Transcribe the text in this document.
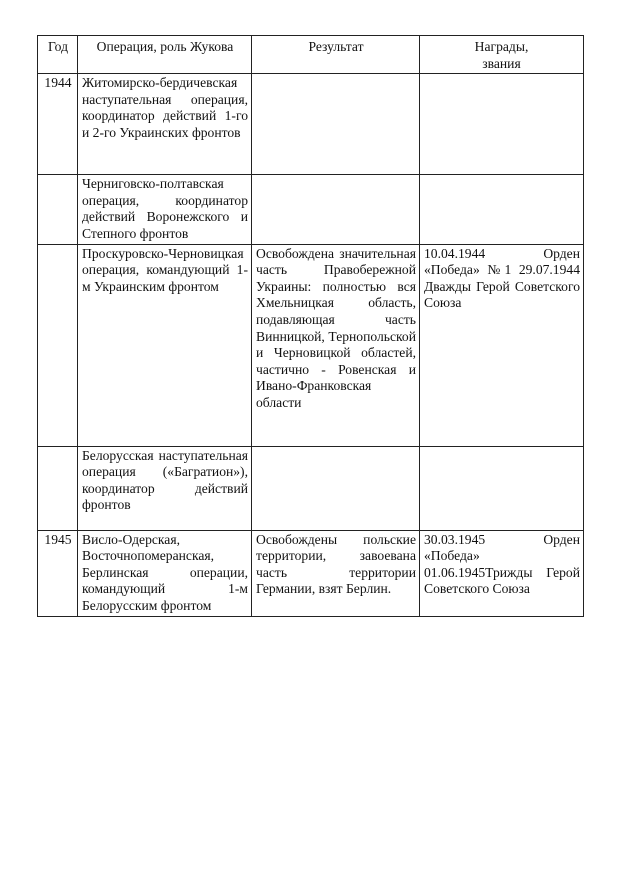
Год	Операция, роль Жукова	Результат	Награды, звания
1944	Житомирско-бердичевская наступательная операция, координатор действий 1-го и 2-го Украинских фронтов		
	Черниговско-полтавская операция, координатор действий Воронежского и Степного фронтов		
	Проскуровско-Черновицкая операция, командующий 1-м Украинским фронтом	Освобождена значительная часть Правобережной Украины: полностью вся Хмельницкая область, подавляющая часть Винницкой, Тернопольской и Черновицкой областей, частично - Ровенская и Ивано-Франковская области	10.04.1944 Орден «Победа» №1 29.07.1944 Дважды Герой Советского Союза
	Белорусская наступательная операция («Багратион»), координатор действий фронтов		
1945	Висло-Одерская, Восточнопомеранская, Берлинская операции, командующий 1-м Белорусским фронтом	Освобождены польские территории, завоевана часть территории Германии, взят Берлин.	30.03.1945 Орден «Победа» 01.06.1945Трижды Герой Советского Союза
